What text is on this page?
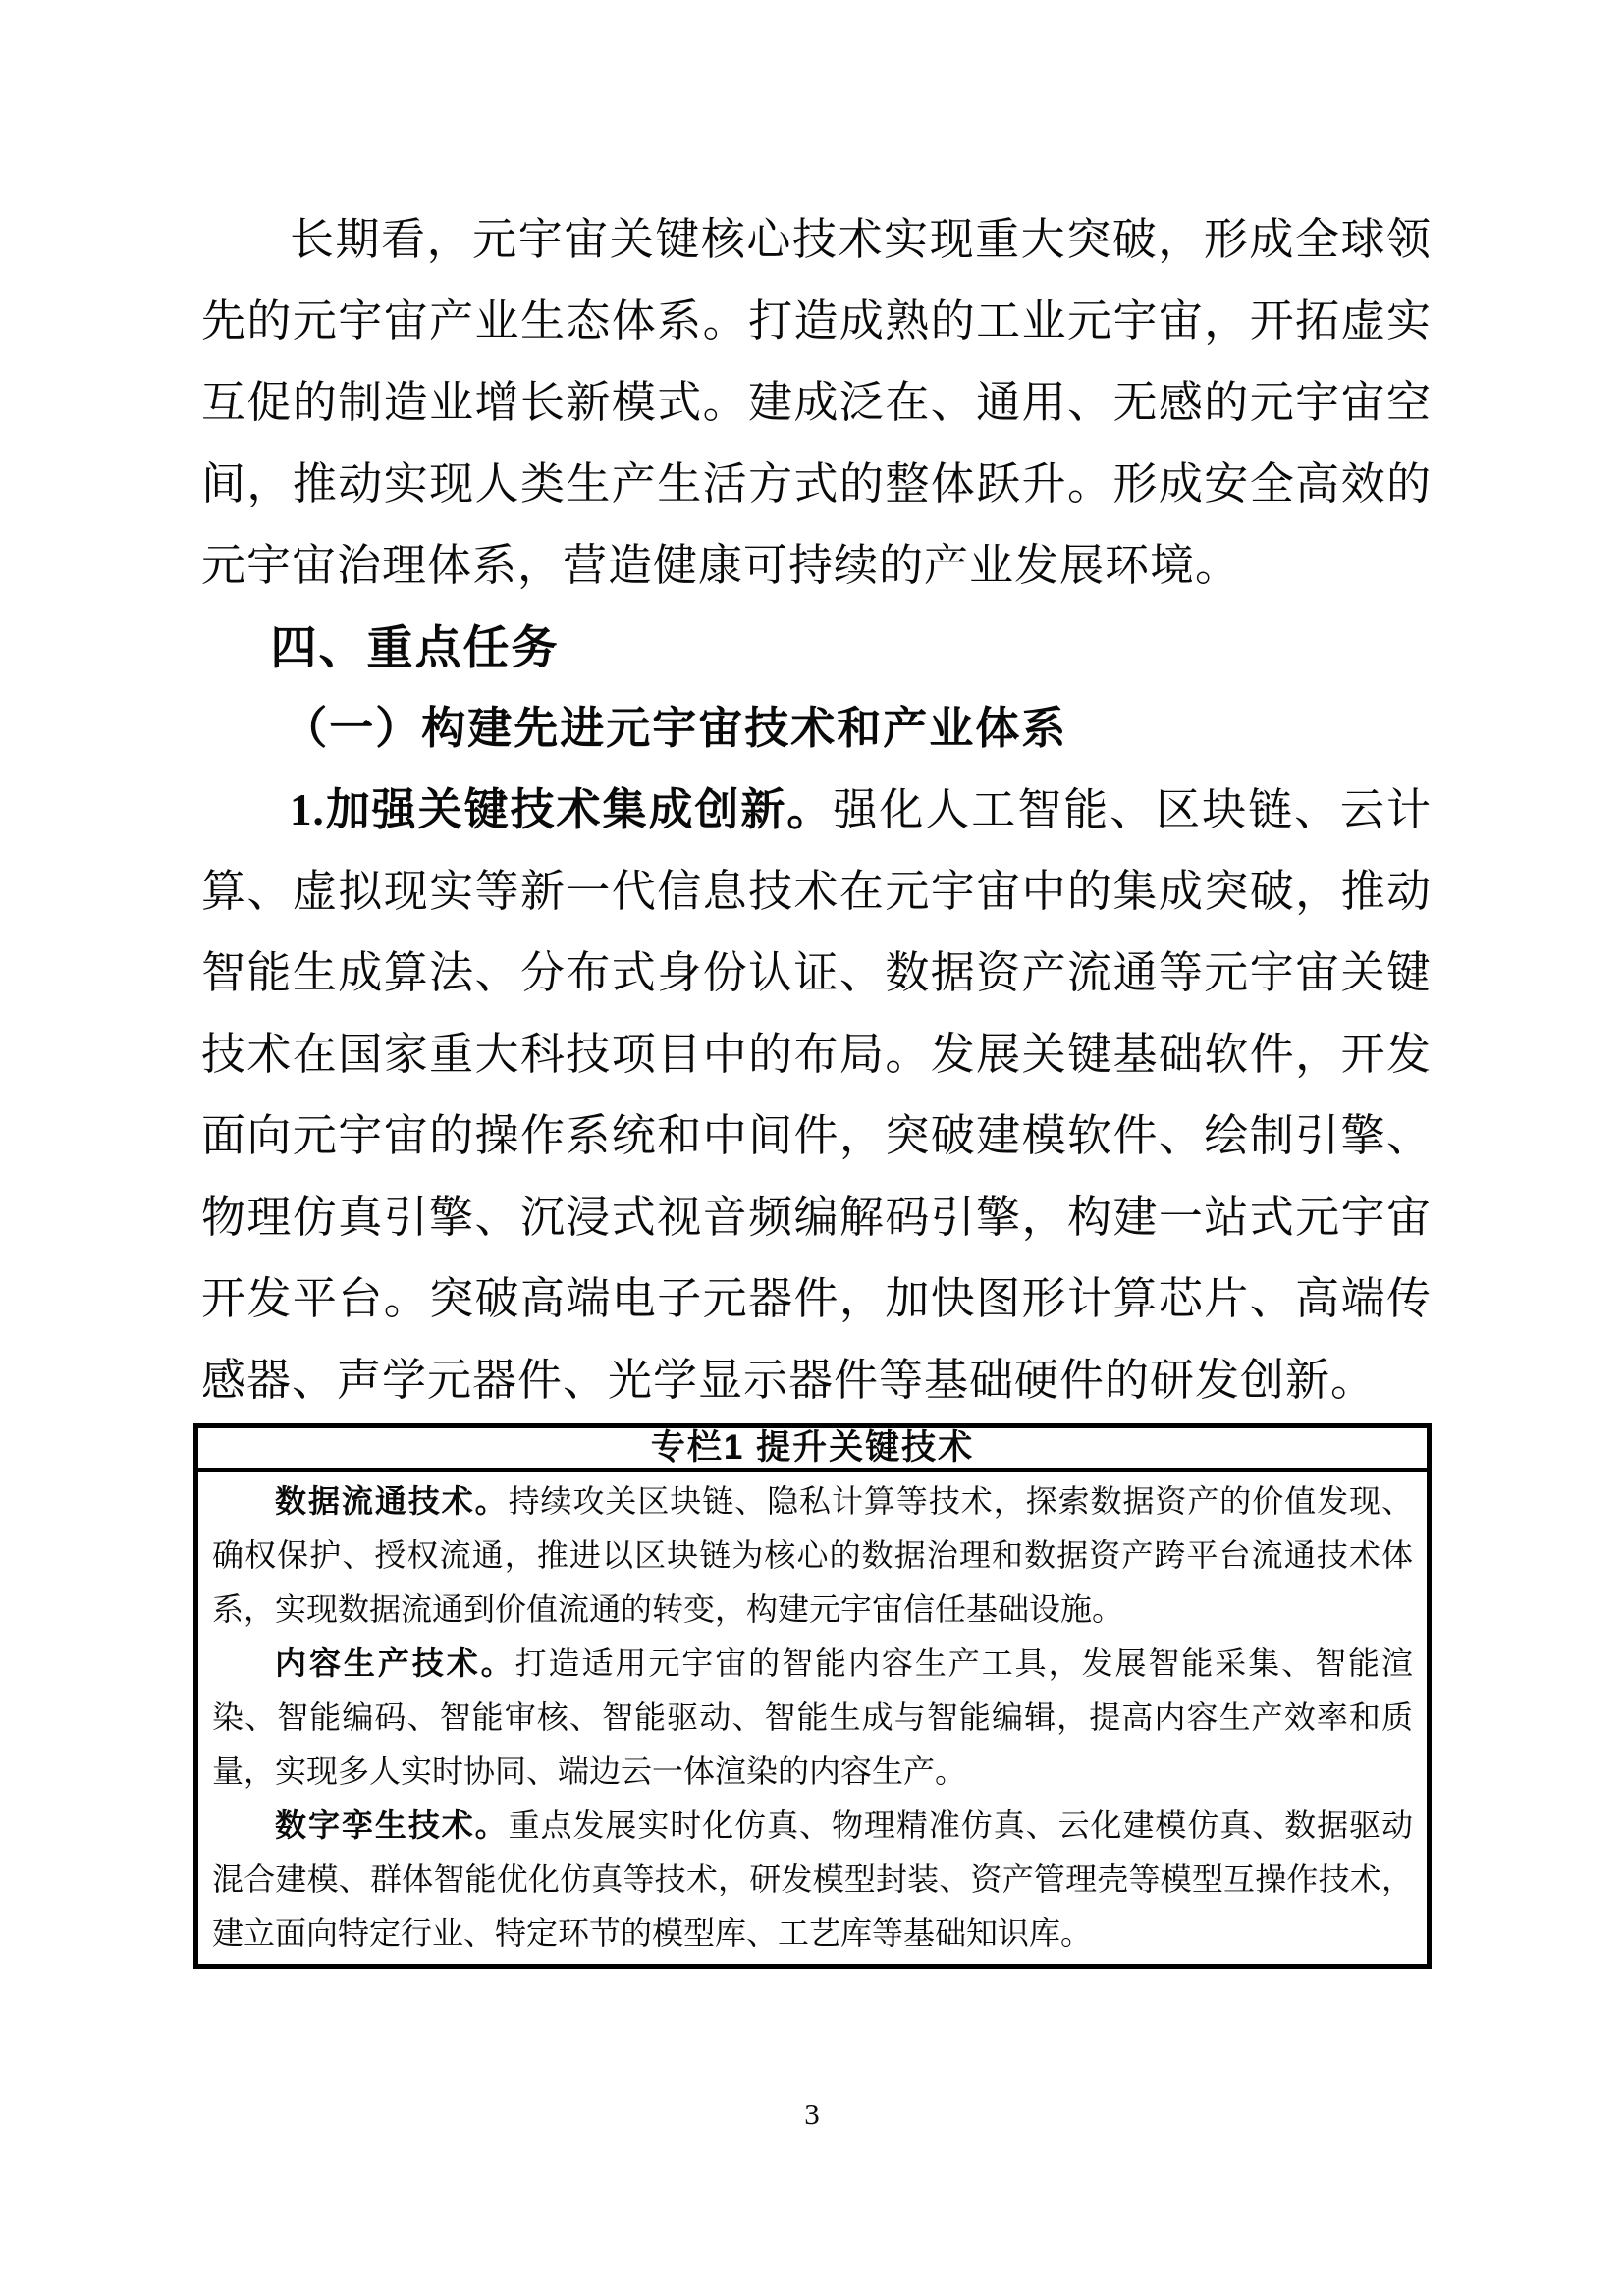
长期看，元宇宙关键核心技术实现重大突破，形成全球领先的元宇宙产业生态体系。打造成熟的工业元宇宙，开拓虚实互促的制造业增长新模式。建成泛在、通用、无感的元宇宙空间，推动实现人类生产生活方式的整体跃升。形成安全高效的元宇宙治理体系，营造健康可持续的产业发展环境。

四、重点任务
（一）构建先进元宇宙技术和产业体系

1.加强关键技术集成创新。强化人工智能、区块链、云计算、虚拟现实等新一代信息技术在元宇宙中的集成突破，推动智能生成算法、分布式身份认证、数据资产流通等元宇宙关键技术在国家重大科技项目中的布局。发展关键基础软件，开发面向元宇宙的操作系统和中间件，突破建模软件、绘制引擎、物理仿真引擎、沉浸式视音频编解码引擎，构建一站式元宇宙开发平台。突破高端电子元器件，加快图形计算芯片、高端传感器、声学元器件、光学显示器件等基础硬件的研发创新。

专栏1 提升关键技术

数据流通技术。持续攻关区块链、隐私计算等技术，探索数据资产的价值发现、确权保护、授权流通，推进以区块链为核心的数据治理和数据资产跨平台流通技术体系，实现数据流通到价值流通的转变，构建元宇宙信任基础设施。

内容生产技术。打造适用元宇宙的智能内容生产工具，发展智能采集、智能渲染、智能编码、智能审核、智能驱动、智能生成与智能编辑，提高内容生产效率和质量，实现多人实时协同、端边云一体渲染的内容生产。

数字孪生技术。重点发展实时化仿真、物理精准仿真、云化建模仿真、数据驱动混合建模、群体智能优化仿真等技术，研发模型封装、资产管理壳等模型互操作技术，建立面向特定行业、特定环节的模型库、工艺库等基础知识库。

3
